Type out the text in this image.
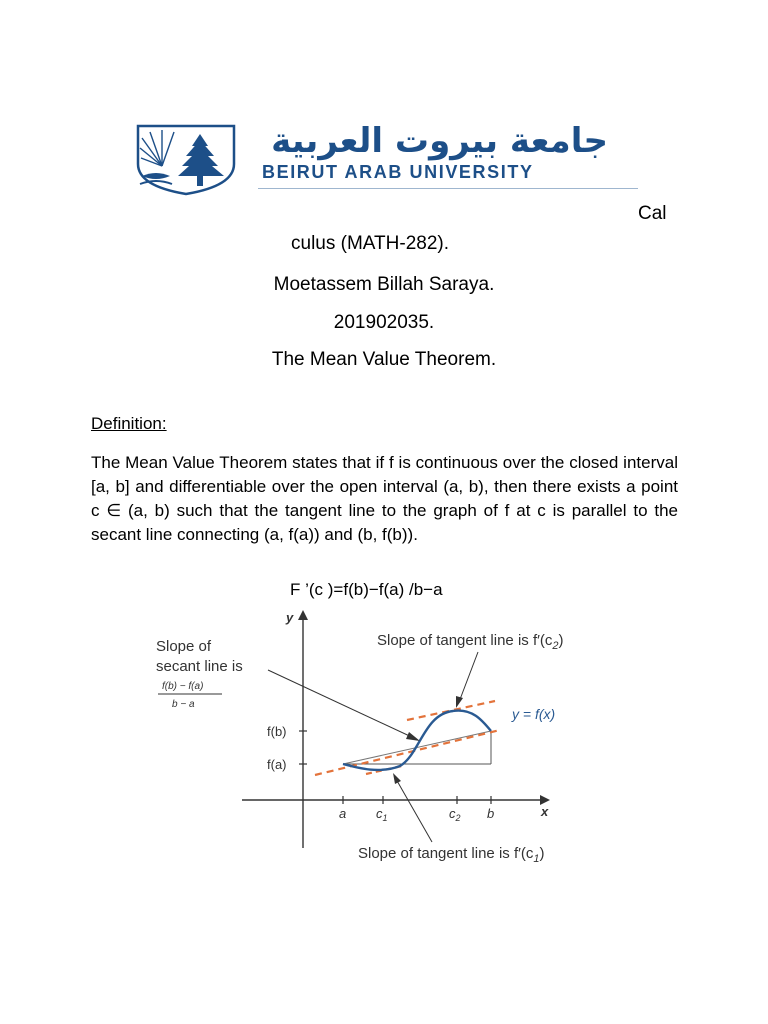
جامعة بيروت العربية
BEIRUT ARAB UNIVERSITY
Cal
culus (MATH-282).
Moetassem Billah Saraya.
201902035.
The Mean Value Theorem.
Definition:

The Mean Value Theorem states that if f is continuous over the closed interval [a, b] and differentiable over the open interval (a, b), then there exists a point c ∈ (a, b) such that the tangent line to the graph of f at c is parallel to the secant line connecting (a, f(a)) and (b, f(b)).

F ’(c )=f(b)−f(a) /b−a
y
x
f(b)
f(a)
a $c_1$	$c_2$ b
y = f(x)
Slope of
secant line is
f(b) − f(a)
b − a
Slope of tangent line is $f'(c_2)$
Slope of tangent line is $f'(c_1)$
